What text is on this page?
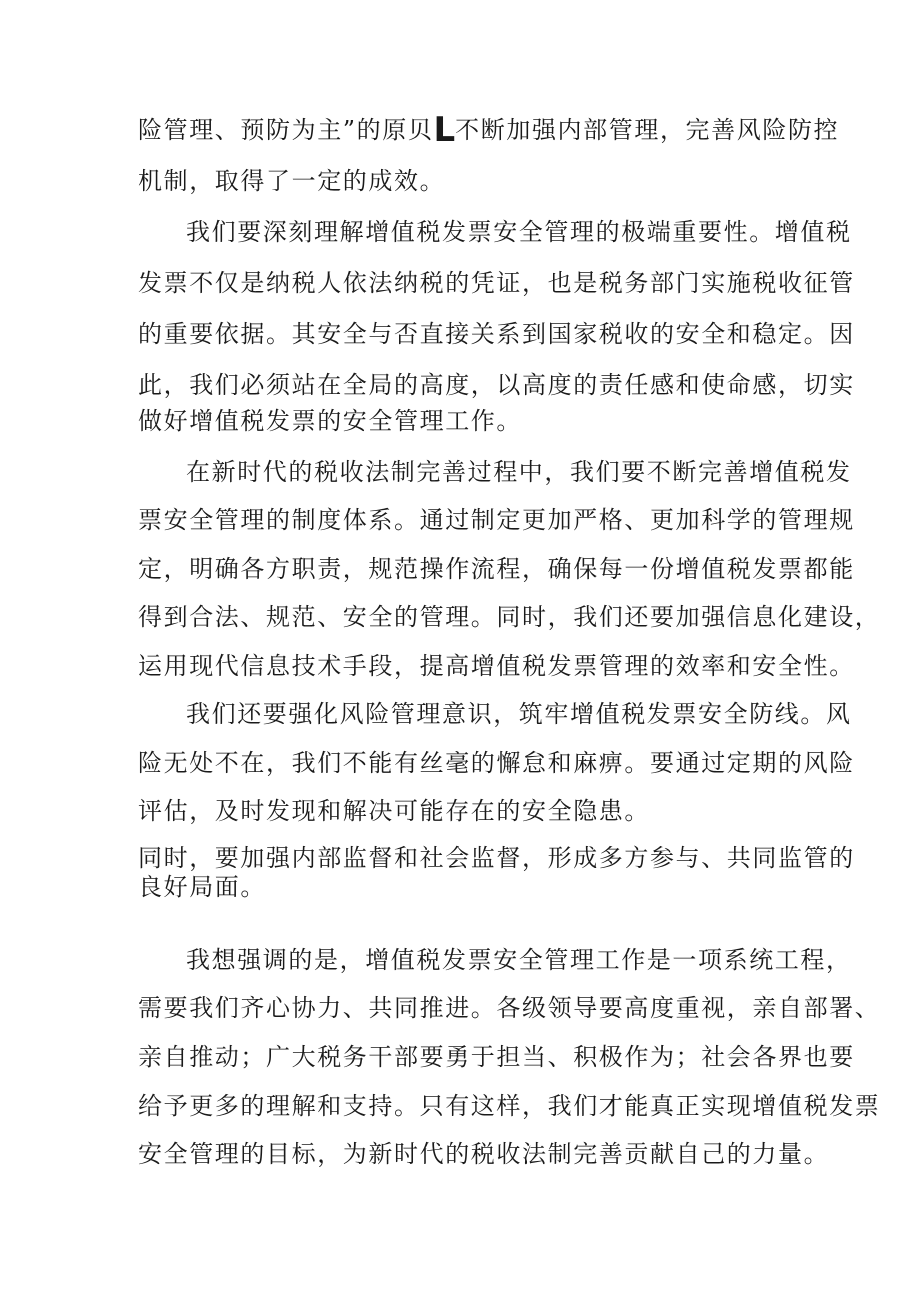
险管理、预防为主”的原贝L不断加强内部管理，完善风险防控
机制，取得了一定的成效。
我们要深刻理解增值税发票安全管理的极端重要性。增值税
发票不仅是纳税人依法纳税的凭证，也是税务部门实施税收征管
的重要依据。其安全与否直接关系到国家税收的安全和稳定。因
此，我们必须站在全局的高度，以高度的责任感和使命感，切实
做好增值税发票的安全管理工作。
在新时代的税收法制完善过程中，我们要不断完善增值税发
票安全管理的制度体系。通过制定更加严格、更加科学的管理规
定，明确各方职责，规范操作流程，确保每一份增值税发票都能
得到合法、规范、安全的管理。同时，我们还要加强信息化建设，
运用现代信息技术手段，提高增值税发票管理的效率和安全性。
我们还要强化风险管理意识，筑牢增值税发票安全防线。风
险无处不在，我们不能有丝毫的懈怠和麻痹。要通过定期的风险
评估，及时发现和解决可能存在的安全隐患。
同时，要加强内部监督和社会监督，形成多方参与、共同监管的
良好局面。
我想强调的是，增值税发票安全管理工作是一项系统工程，
需要我们齐心协力、共同推进。各级领导要高度重视，亲自部署、
亲自推动；广大税务干部要勇于担当、积极作为；社会各界也要
给予更多的理解和支持。只有这样，我们才能真正实现增值税发票
安全管理的目标，为新时代的税收法制完善贡献自己的力量。
